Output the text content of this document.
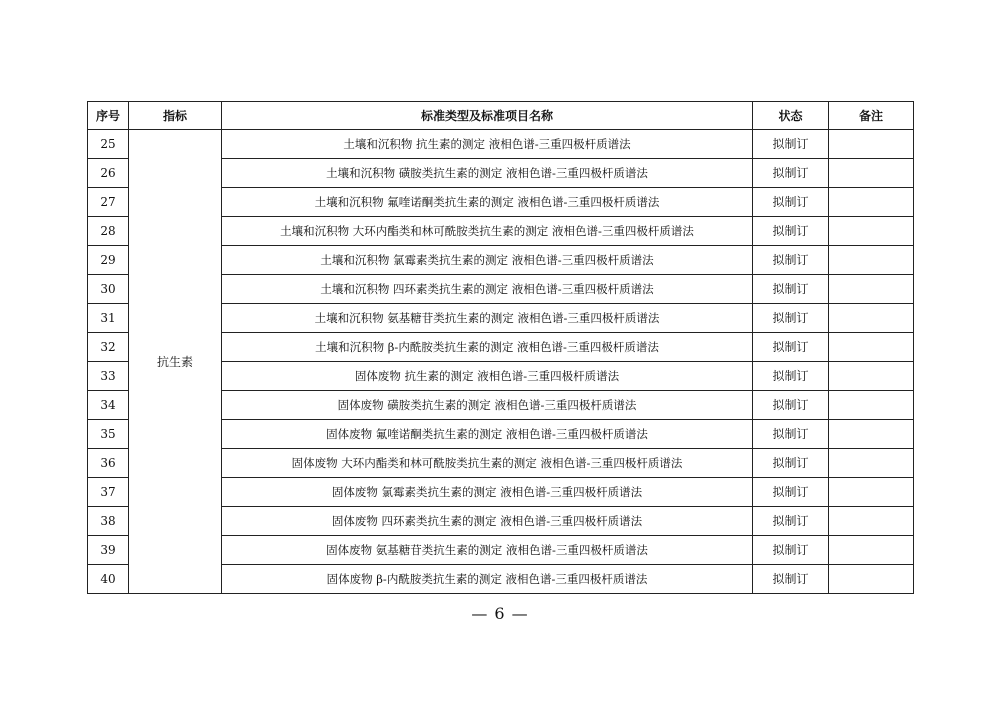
序号	指标	标准类型及标准项目名称	状态	备注
25	抗生素	土壤和沉积物 抗生素的测定 液相色谱-三重四极杆质谱法	拟制订	
26		土壤和沉积物 磺胺类抗生素的测定 液相色谱-三重四极杆质谱法	拟制订	
27		土壤和沉积物 氟喹诺酮类抗生素的测定 液相色谱-三重四极杆质谱法	拟制订	
28		土壤和沉积物 大环内酯类和林可酰胺类抗生素的测定 液相色谱-三重四极杆质谱法	拟制订	
29		土壤和沉积物 氯霉素类抗生素的测定 液相色谱-三重四极杆质谱法	拟制订	
30		土壤和沉积物 四环素类抗生素的测定 液相色谱-三重四极杆质谱法	拟制订	
31		土壤和沉积物 氨基糖苷类抗生素的测定 液相色谱-三重四极杆质谱法	拟制订	
32		土壤和沉积物 β-内酰胺类抗生素的测定 液相色谱-三重四极杆质谱法	拟制订	
33		固体废物 抗生素的测定 液相色谱-三重四极杆质谱法	拟制订	
34		固体废物 磺胺类抗生素的测定 液相色谱-三重四极杆质谱法	拟制订	
35		固体废物 氟喹诺酮类抗生素的测定 液相色谱-三重四极杆质谱法	拟制订	
36		固体废物 大环内酯类和林可酰胺类抗生素的测定 液相色谱-三重四极杆质谱法	拟制订	
37		固体废物 氯霉素类抗生素的测定 液相色谱-三重四极杆质谱法	拟制订	
38		固体废物 四环素类抗生素的测定 液相色谱-三重四极杆质谱法	拟制订	
39		固体废物 氨基糖苷类抗生素的测定 液相色谱-三重四极杆质谱法	拟制订	
40		固体废物 β-内酰胺类抗生素的测定 液相色谱-三重四极杆质谱法	拟制订	
— 6 —
